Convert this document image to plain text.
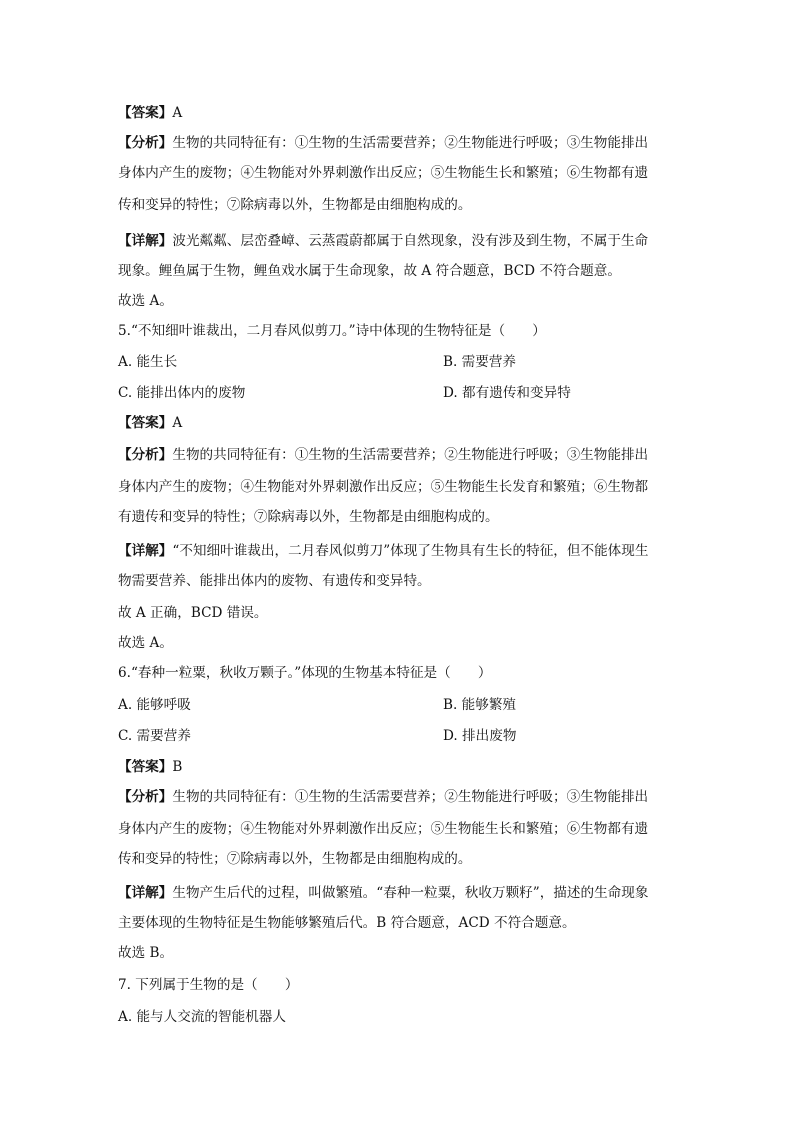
【答案】A
【分析】生物的共同特征有：①生物的生活需要营养；②生物能进行呼吸；③生物能排出
身体内产生的废物；④生物能对外界刺激作出反应；⑤生物能生长和繁殖；⑥生物都有遗
传和变异的特性；⑦除病毒以外，生物都是由细胞构成的。
【详解】波光粼粼、层峦叠嶂、云蒸霞蔚都属于自然现象，没有涉及到生物，不属于生命
现象。鲤鱼属于生物，鲤鱼戏水属于生命现象，故 A 符合题意，BCD 不符合题意。
故选 A。
5.“不知细叶谁裁出，二月春风似剪刀。”诗中体现的生物特征是（　　）
A. 能生长	B. 需要营养
C. 能排出体内的废物	D. 都有遗传和变异特
【答案】A
【分析】生物的共同特征有：①生物的生活需要营养；②生物能进行呼吸；③生物能排出
身体内产生的废物；④生物能对外界刺激作出反应；⑤生物能生长发育和繁殖；⑥生物都
有遗传和变异的特性；⑦除病毒以外，生物都是由细胞构成的。
【详解】“不知细叶谁裁出，二月春风似剪刀”体现了生物具有生长的特征，但不能体现生
物需要营养、能排出体内的废物、有遗传和变异特。
故 A 正确，BCD 错误。
故选 A。
6.“春种一粒粟，秋收万颗子。”体现的生物基本特征是（　　）
A. 能够呼吸	B. 能够繁殖
C. 需要营养	D. 排出废物
【答案】B
【分析】生物的共同特征有：①生物的生活需要营养；②生物能进行呼吸；③生物能排出
身体内产生的废物；④生物能对外界刺激作出反应；⑤生物能生长和繁殖；⑥生物都有遗
传和变异的特性；⑦除病毒以外，生物都是由细胞构成的。
【详解】生物产生后代的过程，叫做繁殖。“春种一粒粟，秋收万颗籽”，描述的生命现象
主要体现的生物特征是生物能够繁殖后代。B 符合题意，ACD 不符合题意。
故选 B。
7. 下列属于生物的是（　　）
A. 能与人交流的智能机器人
